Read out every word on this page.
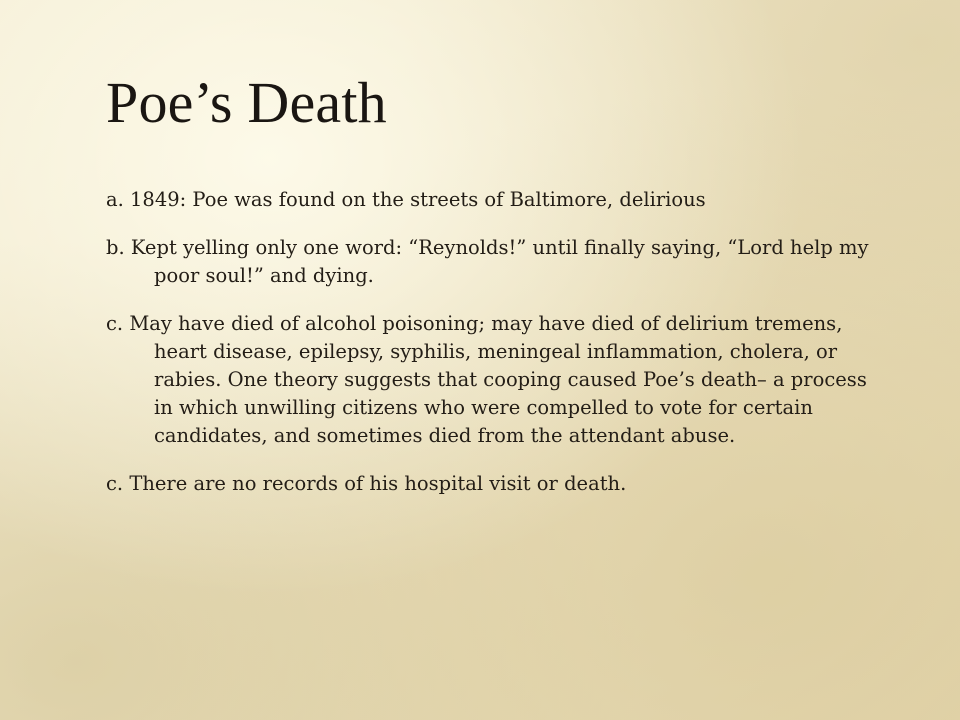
Poe’s Death

a. 1849: Poe was found on the streets of Baltimore, delirious

b. Kept yelling only one word: “Reynolds!” until finally saying, “Lord help my poor soul!” and dying.

c. May have died of alcohol poisoning; may have died of delirium tremens, heart disease, epilepsy, syphilis, meningeal inflammation, cholera, or rabies. One theory suggests that cooping caused Poe’s death– a process in which unwilling citizens who were compelled to vote for certain candidates, and sometimes died from the attendant abuse.

c. There are no records of his hospital visit or death.
